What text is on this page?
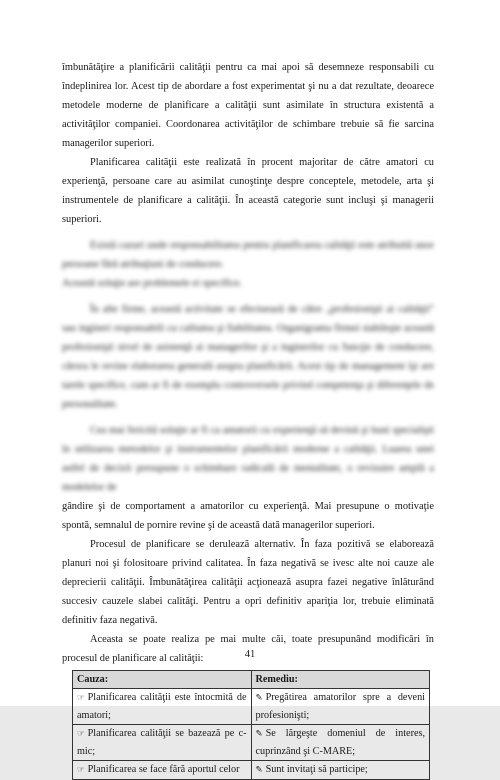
îmbunătăţire a planificării calităţii pentru ca mai apoi să desemneze responsabili cu îndeplinirea lor. Acest tip de abordare a fost experimentat şi nu a dat rezultate, deoarece metodele moderne de planificare a calităţii sunt asimilate în structura existentă a activităţilor companiei. Coordonarea activităţilor de schimbare trebuie să fie sarcina managerilor superiori.

Planificarea calităţii este realizată în procent majoritar de către amatori cu experienţă, persoane care au asimilat cunoştinţe despre conceptele, metodele, arta şi instrumentele de planificare a calităţii. În această categorie sunt incluşi şi managerii superiori.

Există cazuri unde responsabilitatea pentru planificarea calităţii este atribuită unor persoane fără atribuţiuni de conducere.

Această soluţie are problemele ei specifice.

În alte firme, această activitate se efectuează de către „profesionişti ai calităţii” sau ingineri responsabili cu calitatea şi fiabilitatea. Organigrama firmei stabileşte această profesionişti nivel de asistenţă ai managerilor şi a inginerilor cu funcţie de conducere, cărora le revine elaborarea generală asupra planificării. Acest tip de management îşi are tarele specifice, cum ar fi de exemplu controversele privind competenţa şi diferenţele de personalitate.

Cea mai fericită soluţie ar fi ca amatorii cu experienţă să devină şi buni specialişti în utilizarea metodelor şi instrumentelor planificării moderne a calităţii. Luarea unei astfel de decizii presupune o schimbare radicală de mentalitate, o revizuire amplă a modelelor de

gândire şi de comportament a amatorilor cu experienţă. Mai presupune o motivaţie spontă, semnalul de pornire revine şi de această dată managerilor superiori.

Procesul de planificare se derulează alternativ. În faza pozitivă se elaborează planuri noi şi folositoare privind calitatea. În faza negativă se ivesc alte noi cauze ale deprecierii calităţii. Îmbunătăţirea calităţii acţionează asupra fazei negative înlăturând succesiv cauzele slabei calităţi. Pentru a opri definitiv apariţia lor, trebuie eliminată definitiv faza negativă.

Aceasta se poate realiza pe mai multe căi, toate presupunând modificări în procesul de planificare al calităţii:

Cauza:	Remediu:
☞ Planificarea calităţii este întocmită de amatori;	✎ Pregătirea amatorilor spre a deveni profesionişti;
☞ Planificarea calităţii se bazează pe c-mic;	✎ Se lărgeşte domeniul de interes, cuprinzând şi C-MARE;
☞ Planificarea se face fără aportul celor	✎ Sunt invitaţi să participe;
41
